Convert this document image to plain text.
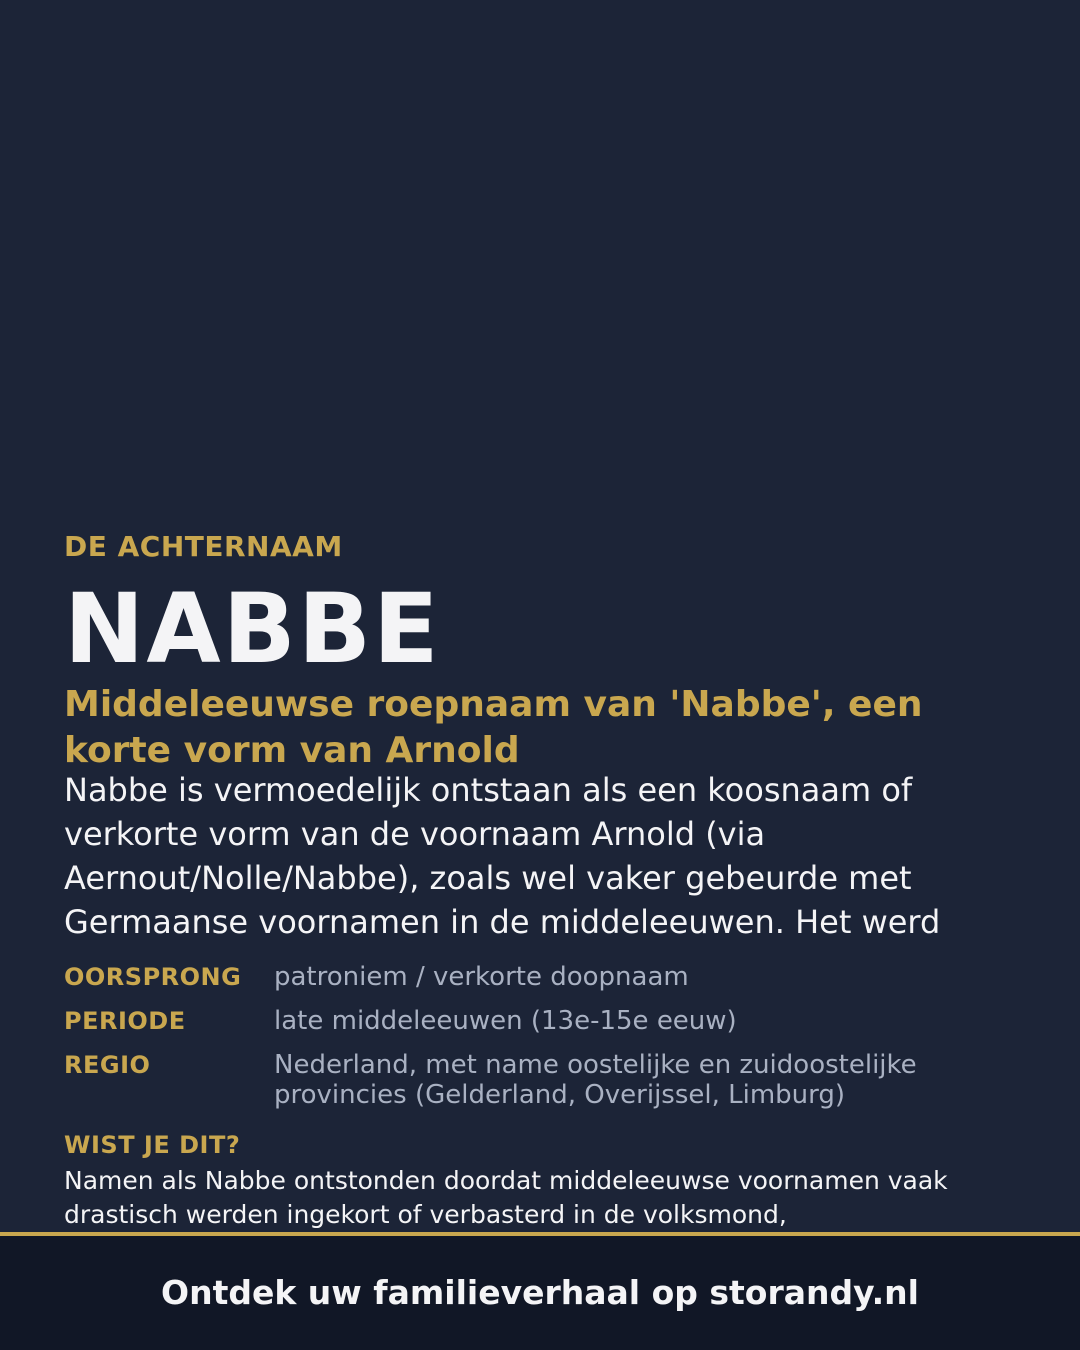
DE ACHTERNAAM
NABBE
Middeleeuwse roepnaam van 'Nabbe', een korte vorm van Arnold
Nabbe is vermoedelijk ontstaan als een koosnaam of verkorte vorm van de voornaam Arnold (via Aernout/Nolle/Nabbe), zoals wel vaker gebeurde met Germaanse voornamen in de middeleeuwen. Het werd
OORSPRONG	patroniem / verkorte doopnaam
PERIODE	late middeleeuwen (13e-15e eeuw)
REGIO	Nederland, met name oostelijke en zuidoostelijke provincies (Gelderland, Overijssel, Limburg)
WIST JE DIT?
Namen als Nabbe ontstonden doordat middeleeuwse voornamen vaak drastisch werden ingekort of verbasterd in de volksmond,
Ontdek uw familieverhaal op storandy.nl
